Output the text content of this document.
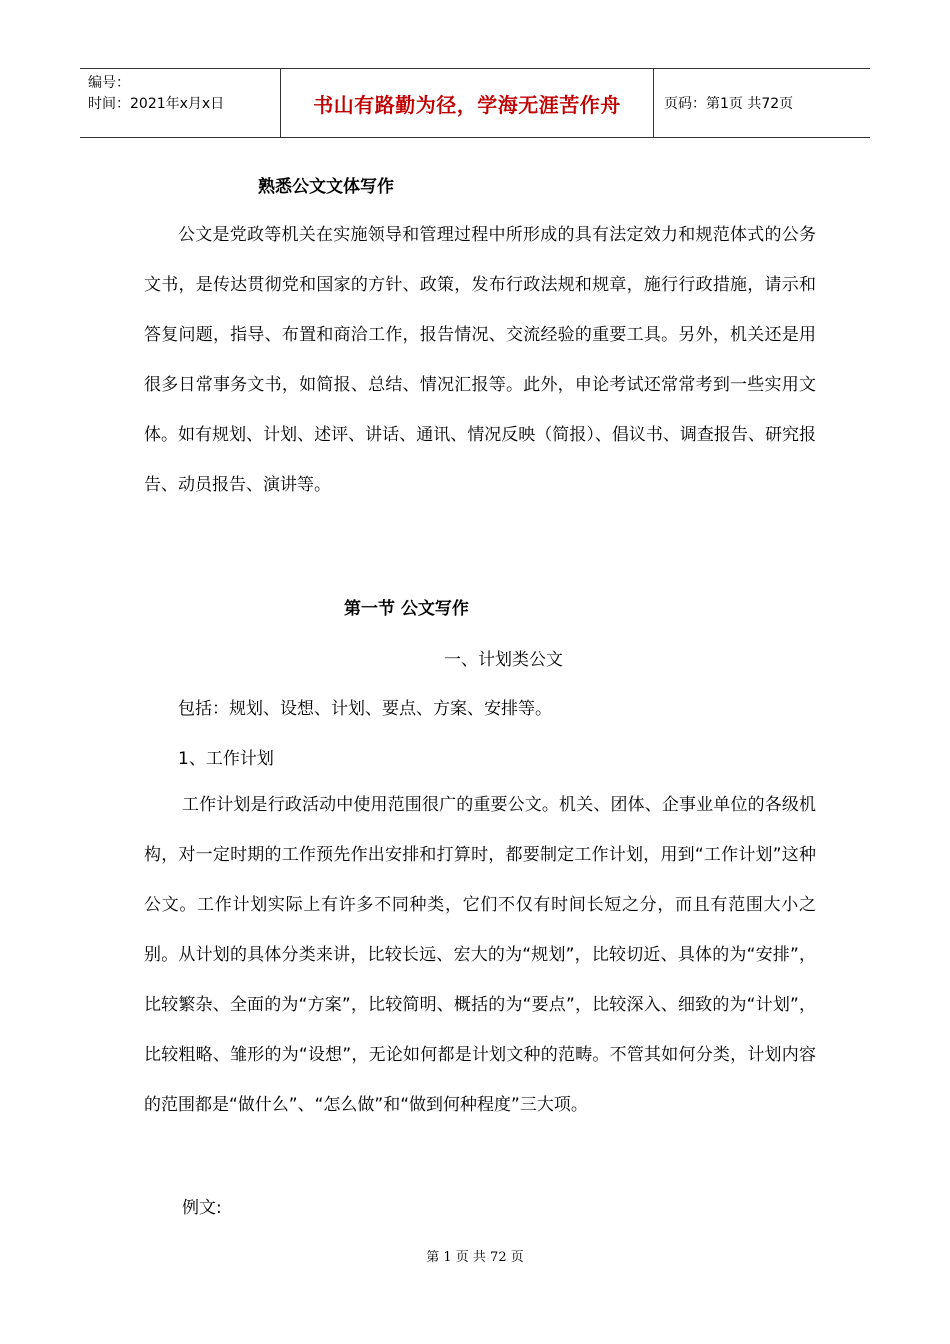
编号：
时间：2021年x月x日	书山有路勤为径，学海无涯苦作舟	页码：第1页 共72页
熟悉公文文体写作

公文是党政等机关在实施领导和管理过程中所形成的具有法定效力和规范体式的公务文书，是传达贯彻党和国家的方针、政策，发布行政法规和规章，施行行政措施，请示和答复问题，指导、布置和商洽工作，报告情况、交流经验的重要工具。另外，机关还是用很多日常事务文书，如简报、总结、情况汇报等。此外，申论考试还常常考到一些实用文体。如有规划、计划、述评、讲话、通讯、情况反映（简报）、倡议书、调查报告、研究报告、动员报告、演讲等。

第一节 公文写作
一、计划类公文
包括：规划、设想、计划、要点、方案、安排等。
1、工作计划

工作计划是行政活动中使用范围很广的重要公文。机关、团体、企事业单位的各级机构，对一定时期的工作预先作出安排和打算时，都要制定工作计划，用到“工作计划”这种公文。工作计划实际上有许多不同种类，它们不仅有时间长短之分，而且有范围大小之别。从计划的具体分类来讲，比较长远、宏大的为“规划”，比较切近、具体的为“安排”，比较繁杂、全面的为“方案”，比较简明、概括的为“要点”，比较深入、细致的为“计划”，比较粗略、雏形的为“设想”，无论如何都是计划文种的范畴。不管其如何分类，计划内容的范围都是“做什么”、“怎么做”和“做到何种程度”三大项。

例文:
第 1 页 共 72 页
